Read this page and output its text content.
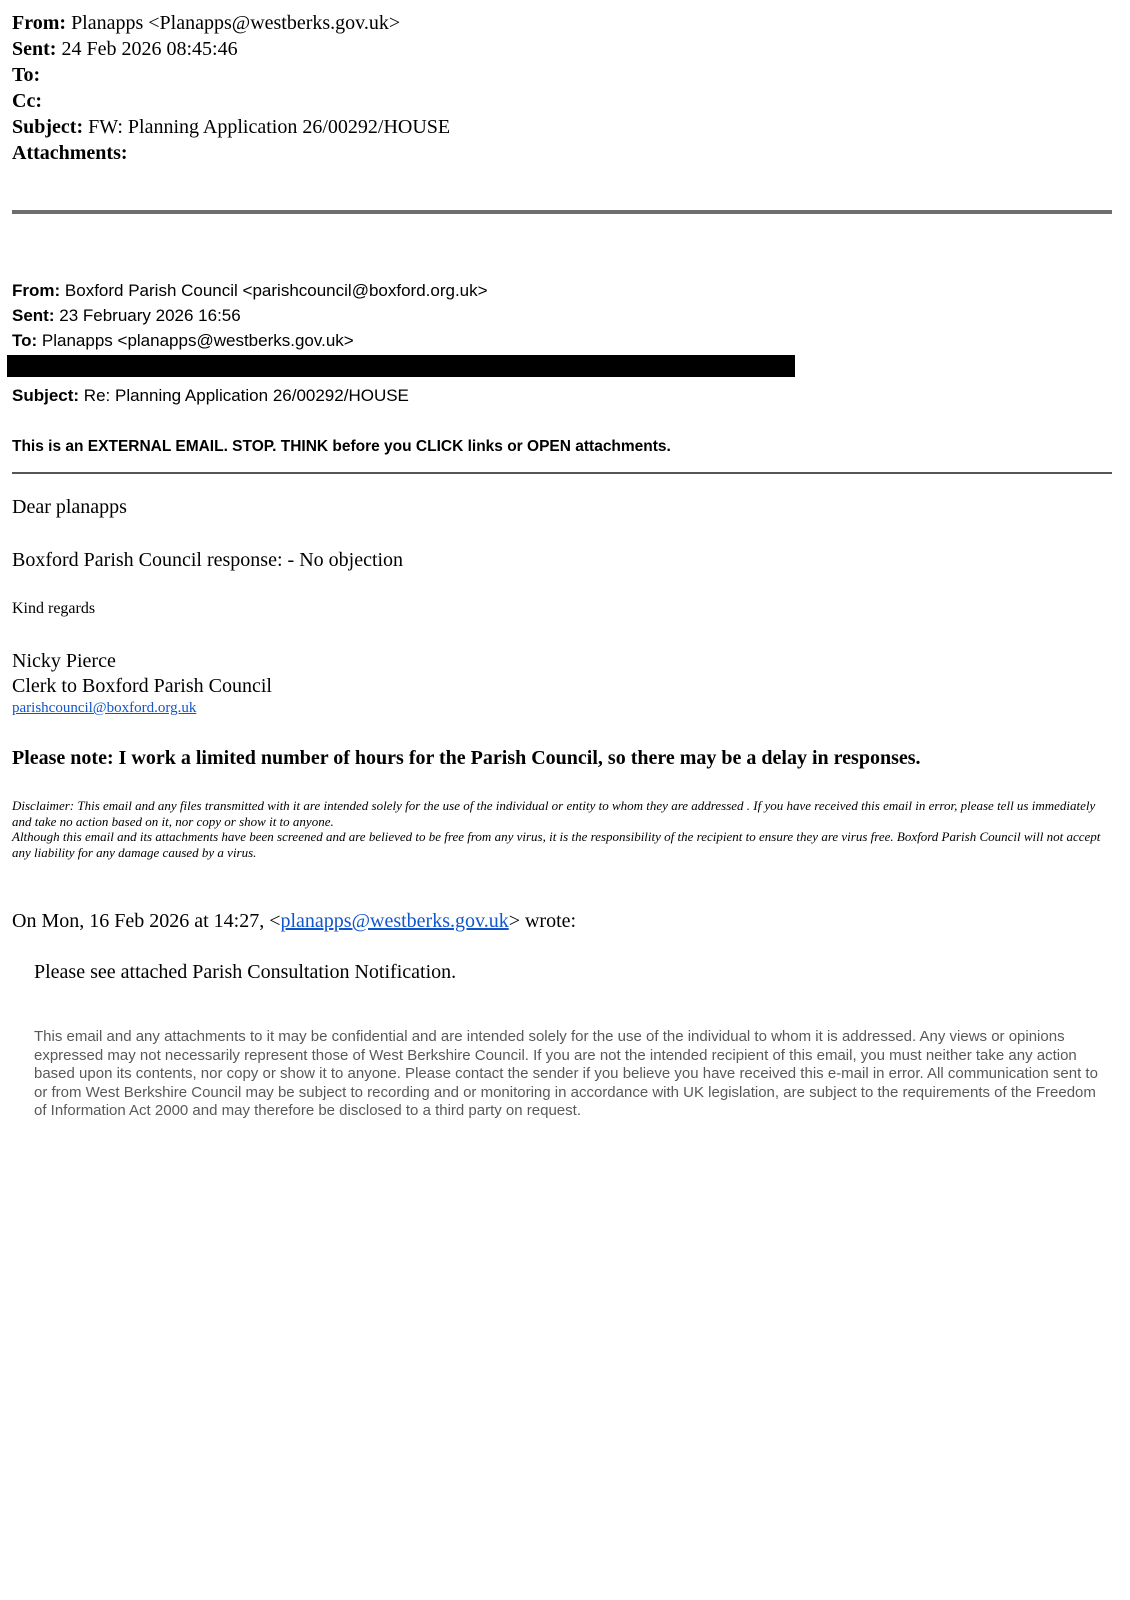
From: Planapps <Planapps@westberks.gov.uk>
Sent: 24 Feb 2026 08:45:46
To:
Cc:
Subject: FW: Planning Application 26/00292/HOUSE
Attachments:
From: Boxford Parish Council <parishcouncil@boxford.org.uk>
Sent: 23 February 2026 16:56
To: Planapps <planapps@westberks.gov.uk>
Subject: Re: Planning Application 26/00292/HOUSE
This is an EXTERNAL EMAIL. STOP. THINK before you CLICK links or OPEN attachments.
Dear planapps
Boxford Parish Council response: - No objection
Kind regards
Nicky Pierce
Clerk to Boxford Parish Council
parishcouncil@boxford.org.uk
Please note: I work a limited number of hours for the Parish Council, so there may be a delay in responses.

Disclaimer: This email and any files transmitted with it are intended solely for the use of the individual or entity to whom they are addressed . If you have received this email in error, please tell us immediately and take no action based on it, nor copy or show it to anyone.

Although this email and its attachments have been screened and are believed to be free from any virus, it is the responsibility of the recipient to ensure they are virus free. Boxford Parish Council will not accept any liability for any damage caused by a virus.

On Mon, 16 Feb 2026 at 14:27, <planapps@westberks.gov.uk> wrote:
Please see attached Parish Consultation Notification.
This email and any attachments to it may be confidential and are intended solely for the use of the individual to whom it is addressed. Any views or opinions expressed may not necessarily represent those of West Berkshire Council. If you are not the intended recipient of this email, you must neither take any action based upon its contents, nor copy or show it to anyone. Please contact the sender if you believe you have received this e-mail in error. All communication sent to or from West Berkshire Council may be subject to recording and or monitoring in accordance with UK legislation, are subject to the requirements of the Freedom of Information Act 2000 and may therefore be disclosed to a third party on request.
